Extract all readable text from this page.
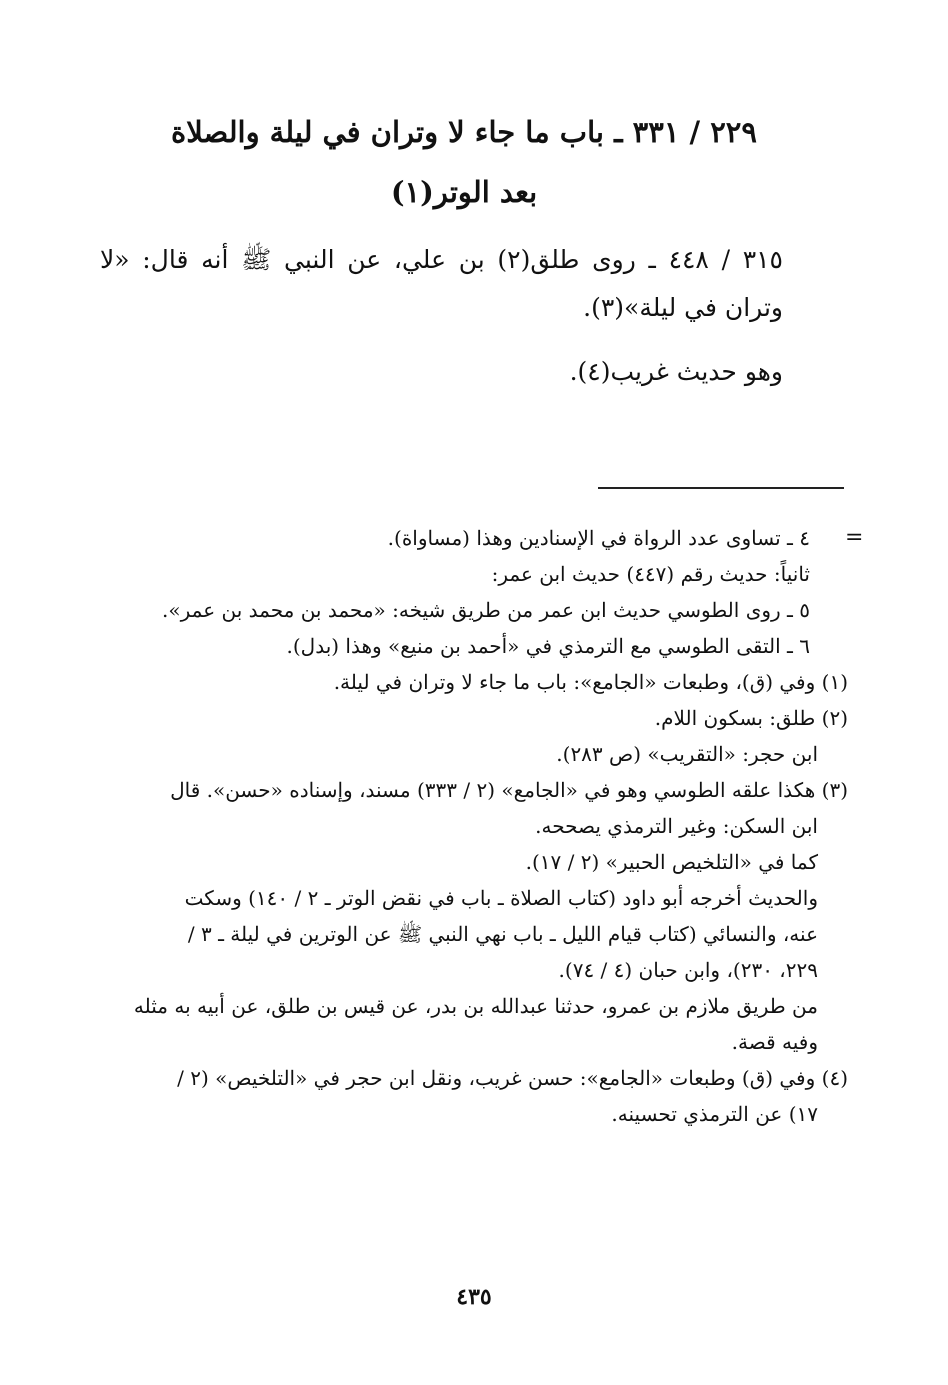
٢٢٩ / ٣٣١ ـ باب ما جاء لا وتران في ليلة والصلاة
بعد الوتر(١)
٣١٥ / ٤٤٨ ـ روى طلق(٢) بن علي، عن النبي ﷺ أنه قال: «لا وتران في ليلة»(٣).
وهو حديث غريب(٤).
=
٤ ـ تساوى عدد الرواة في الإسنادين وهذا (مساواة).
ثانياً: حديث رقم (٤٤٧) حديث ابن عمر:
٥ ـ روى الطوسي حديث ابن عمر من طريق شيخه: «محمد بن محمد بن عمر».
٦ ـ التقى الطوسي مع الترمذي في «أحمد بن منيع» وهذا (بدل).
(١) وفي (ق)، وطبعات «الجامع»: باب ما جاء لا وتران في ليلة.
(٢) طلق: بسكون اللام.
ابن حجر: «التقريب» (ص ٢٨٣).
(٣) هكذا علقه الطوسي وهو في «الجامع» (٢ / ٣٣٣) مسند، وإسناده «حسن». قال
ابن السكن: وغير الترمذي يصححه.
كما في «التلخيص الحبير» (٢ / ١٧).
والحديث أخرجه أبو داود (كتاب الصلاة ـ باب في نقض الوتر ـ ٢ / ١٤٠) وسكت
عنه، والنسائي (كتاب قيام الليل ـ باب نهي النبي ﷺ عن الوترين في ليلة ـ ٣ /
٢٢٩، ٢٣٠)، وابن حبان (٤ / ٧٤).
من طريق ملازم بن عمرو، حدثنا عبدالله بن بدر، عن قيس بن طلق، عن أبيه به مثله
وفيه قصة.
(٤) وفي (ق) وطبعات «الجامع»: حسن غريب، ونقل ابن حجر في «التلخيص» (٢ /
١٧) عن الترمذي تحسينه.
٤٣٥
